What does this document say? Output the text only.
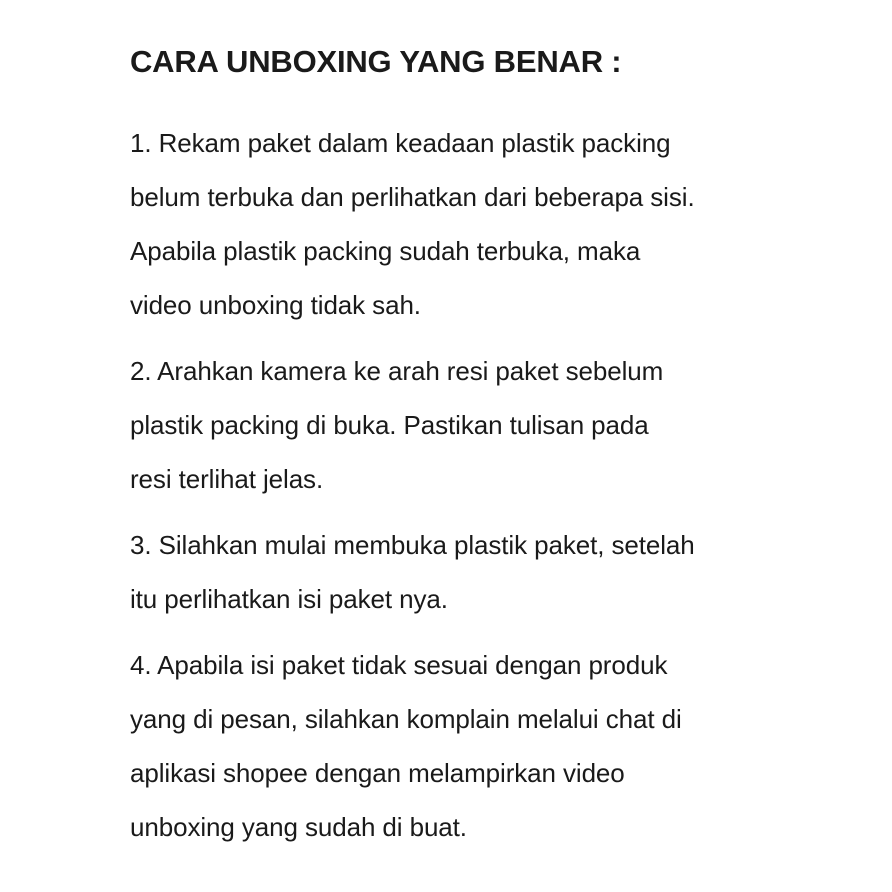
CARA UNBOXING YANG BENAR :
1. Rekam paket dalam keadaan plastik packing
belum terbuka dan perlihatkan dari beberapa sisi.
Apabila plastik packing sudah terbuka, maka
video unboxing tidak sah.
2. Arahkan kamera ke arah resi paket sebelum
plastik packing di buka. Pastikan tulisan pada
resi terlihat jelas.
3. Silahkan mulai membuka plastik paket, setelah
itu perlihatkan isi paket nya.
4. Apabila isi paket tidak sesuai dengan produk
yang di pesan, silahkan komplain melalui chat di
aplikasi shopee dengan melampirkan video
unboxing yang sudah di buat.
